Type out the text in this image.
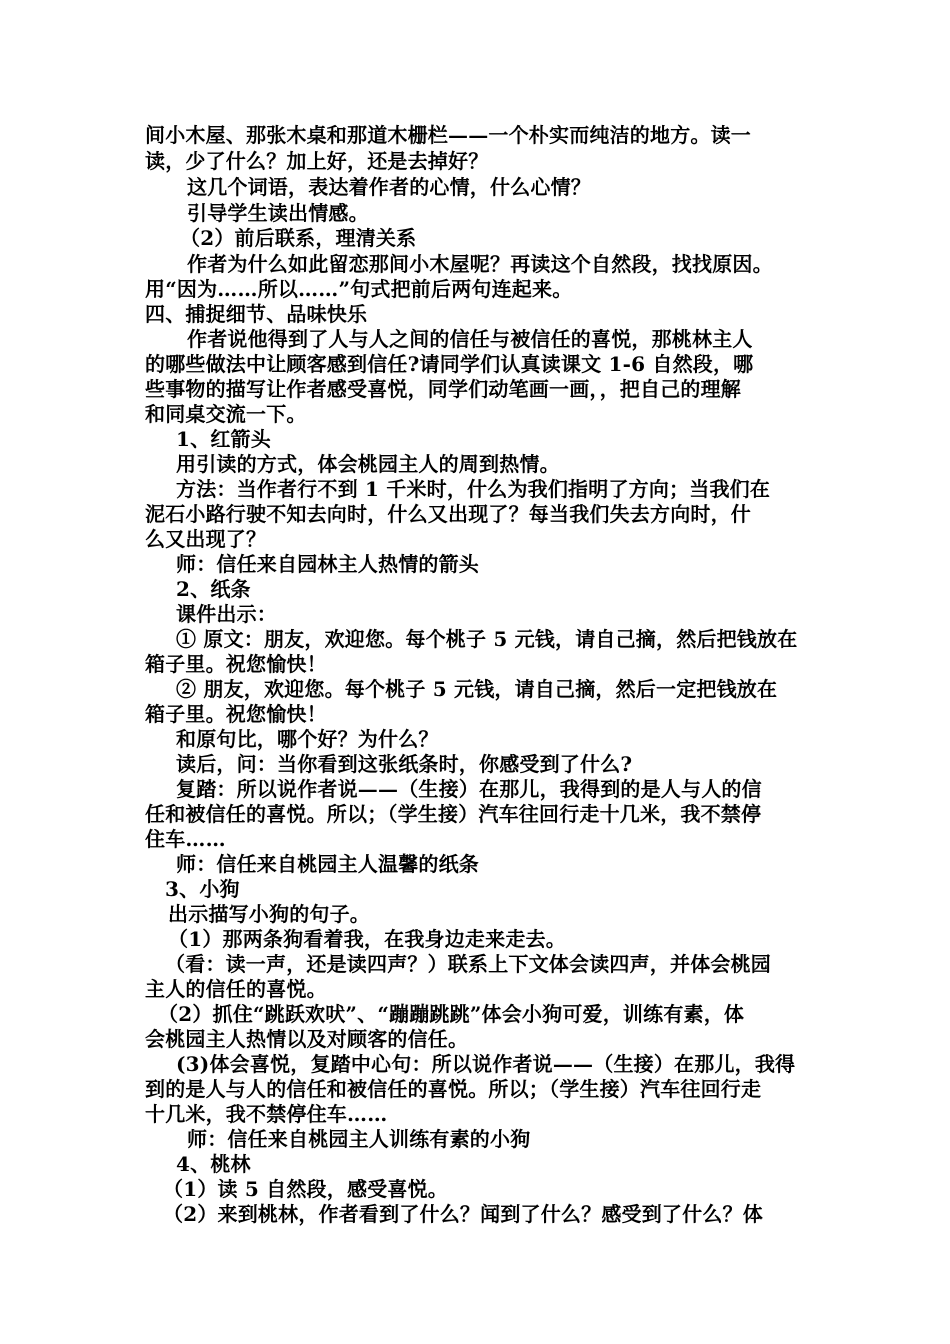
间小木屋、那张木桌和那道木栅栏——一个朴实而纯洁的地方。读一
读，少了什么？加上好，还是去掉好？
这几个词语，表达着作者的心情，什么心情？
引导学生读出情感。
（2）前后联系，理清关系
作者为什么如此留恋那间小木屋呢？再读这个自然段，找找原因。
用“因为……所以……”句式把前后两句连起来。
四、捕捉细节、品味快乐
作者说他得到了人与人之间的信任与被信任的喜悦，那桃林主人
的哪些做法中让顾客感到信任?请同学们认真读课文 1-6 自然段，哪
些事物的描写让作者感受喜悦，同学们动笔画一画，，把自己的理解
和同桌交流一下。
1、红箭头
用引读的方式，体会桃园主人的周到热情。
方法：当作者行不到 1 千米时，什么为我们指明了方向；当我们在
泥石小路行驶不知去向时，什么又出现了？每当我们失去方向时，什
么又出现了？
师：信任来自园林主人热情的箭头
2、纸条
课件出示：
① 原文：朋友，欢迎您。每个桃子 5 元钱，请自己摘，然后把钱放在
箱子里。祝您愉快！
② 朋友，欢迎您。每个桃子 5 元钱，请自己摘，然后一定把钱放在
箱子里。祝您愉快！
和原句比，哪个好？为什么？
读后，问：当你看到这张纸条时，你感受到了什么?
复踏：所以说作者说——（生接）在那儿，我得到的是人与人的信
任和被信任的喜悦。所以；（学生接）汽车往回行走十几米，我不禁停
住车……
师：信任来自桃园主人温馨的纸条
3、小狗
出示描写小狗的句子。
（1）那两条狗看着我，在我身边走来走去。
（看：读一声，还是读四声？）联系上下文体会读四声，并体会桃园
主人的信任的喜悦。
（2）抓住“跳跃欢吠”、“蹦蹦跳跳”体会小狗可爱，训练有素，体
会桃园主人热情以及对顾客的信任。
(3)体会喜悦，复踏中心句：所以说作者说——（生接）在那儿，我得
到的是人与人的信任和被信任的喜悦。所以；（学生接）汽车往回行走
十几米，我不禁停住车……
师：信任来自桃园主人训练有素的小狗
4、桃林
（1）读 5 自然段，感受喜悦。
（2）来到桃林，作者看到了什么？闻到了什么？感受到了什么？体
